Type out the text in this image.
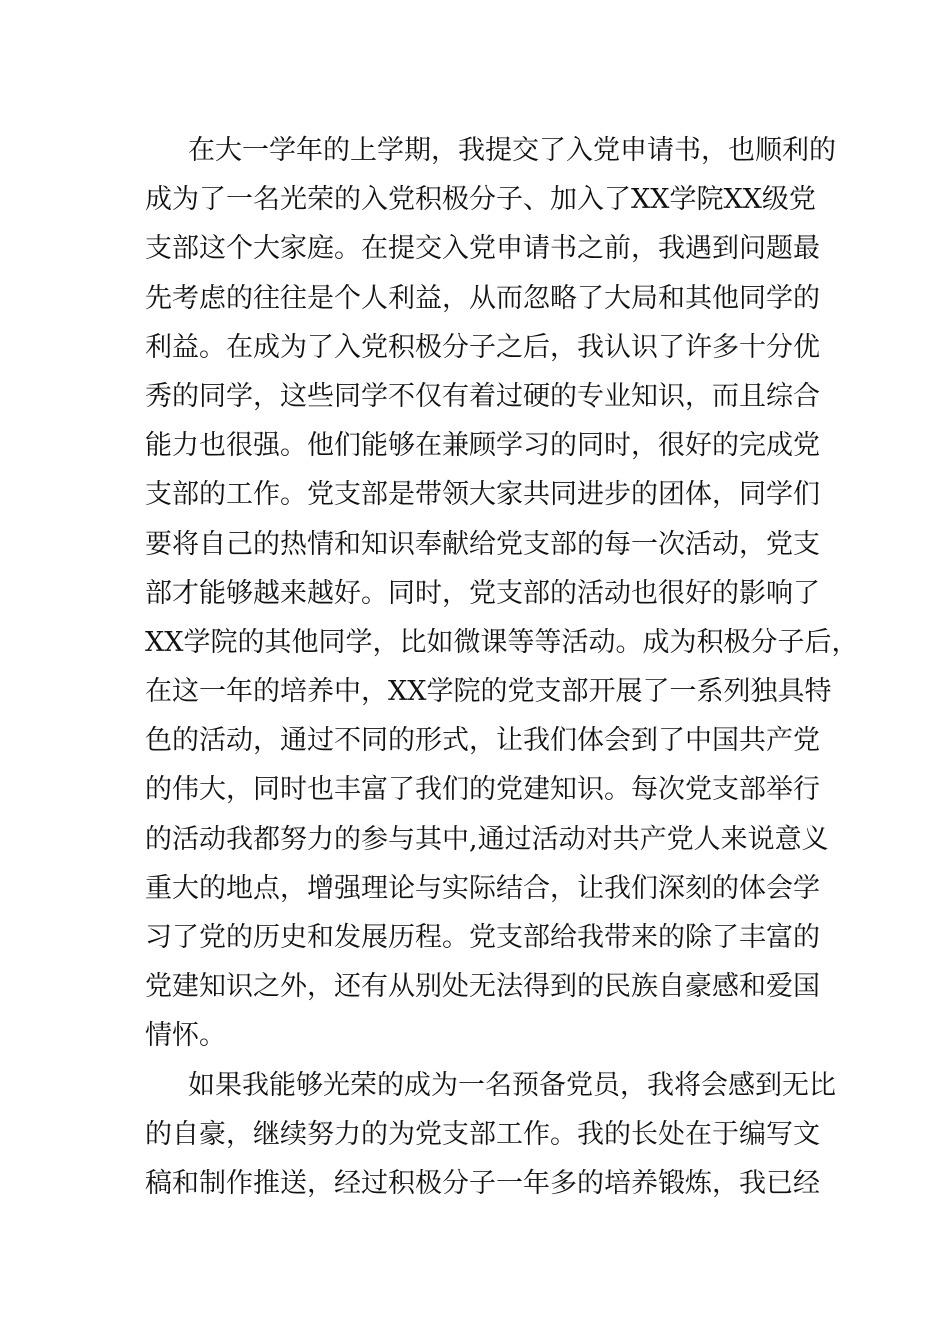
在大一学年的上学期，我提交了入党申请书，也顺利的
成为了一名光荣的入党积极分子、加入了XX学院XX级党
支部这个大家庭。在提交入党申请书之前，我遇到问题最
先考虑的往往是个人利益，从而忽略了大局和其他同学的
利益。在成为了入党积极分子之后，我认识了许多十分优
秀的同学，这些同学不仅有着过硬的专业知识，而且综合
能力也很强。他们能够在兼顾学习的同时，很好的完成党
支部的工作。党支部是带领大家共同进步的团体，同学们
要将自己的热情和知识奉献给党支部的每一次活动，党支
部才能够越来越好。同时，党支部的活动也很好的影响了
XX学院的其他同学，比如微课等等活动。成为积极分子后，
在这一年的培养中，XX学院的党支部开展了一系列独具特
色的活动，通过不同的形式，让我们体会到了中国共产党
的伟大，同时也丰富了我们的党建知识。每次党支部举行
的活动我都努力的参与其中,通过活动对共产党人来说意义
重大的地点，增强理论与实际结合，让我们深刻的体会学
习了党的历史和发展历程。党支部给我带来的除了丰富的
党建知识之外，还有从别处无法得到的民族自豪感和爱国
情怀。
如果我能够光荣的成为一名预备党员，我将会感到无比
的自豪，继续努力的为党支部工作。我的长处在于编写文
稿和制作推送，经过积极分子一年多的培养锻炼，我已经
